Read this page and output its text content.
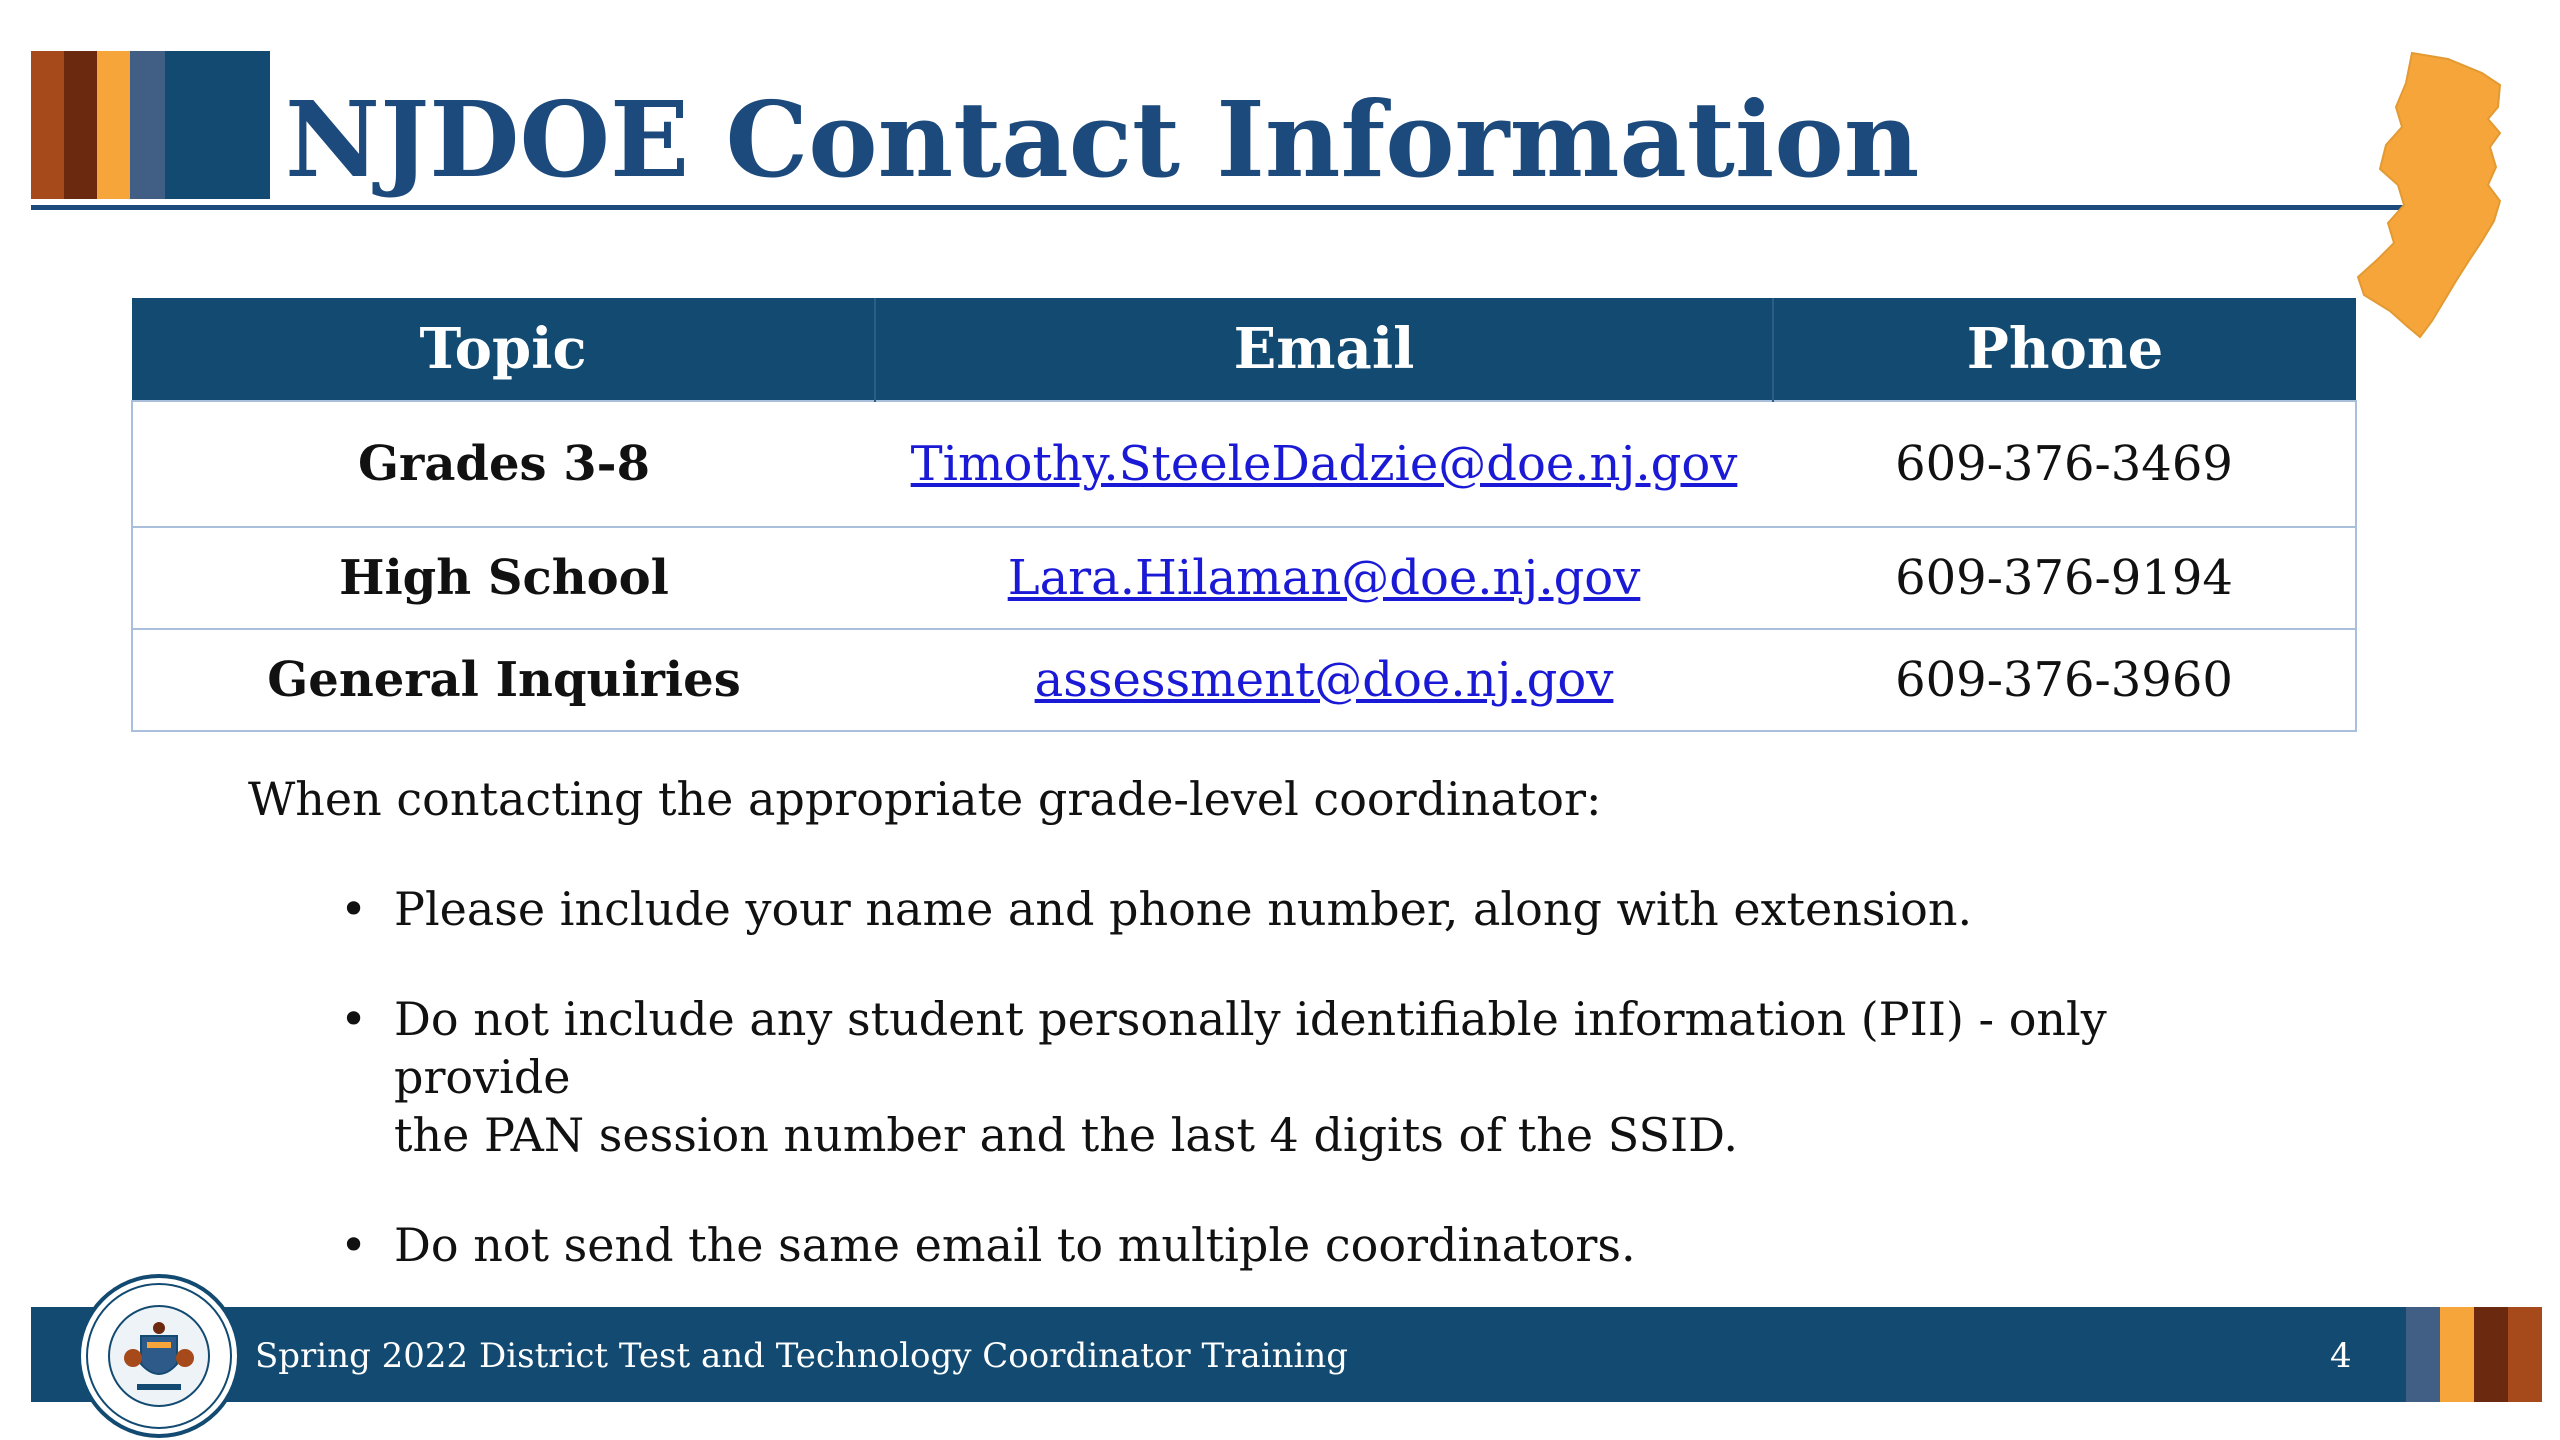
NJDOE Contact Information
Topic	Email	Phone
Grades 3-8	Timothy.SteeleDadzie@doe.nj.gov	609-376-3469
High School	Lara.Hilaman@doe.nj.gov	609-376-9194
General Inquiries	assessment@doe.nj.gov	609-376-3960
When contacting the appropriate grade-level coordinator:
• Please include your name and phone number, along with extension.
• Do not include any student personally identifiable information (PII) - only provide
the PAN session number and the last 4 digits of the SSID.
• Do not send the same email to multiple coordinators.
Spring 2022 District Test and Technology Coordinator Training	4
